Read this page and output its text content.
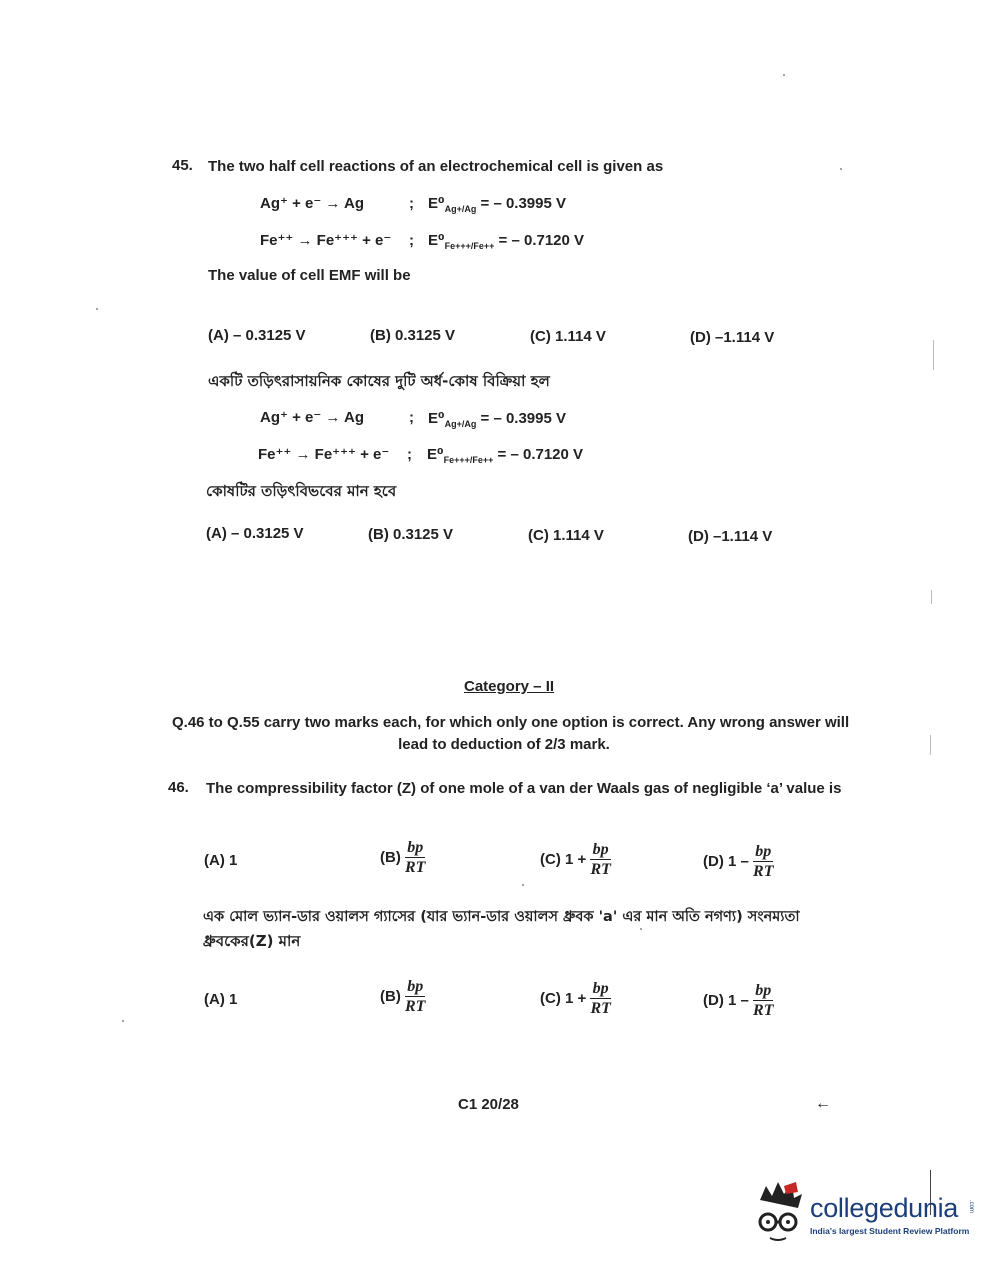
45. The two half cell reactions of an electrochemical cell is given as
Ag⁺ + e⁻ → Ag	; $E^0_{Ag+/Ag}$ = – 0.3995 V
Fe⁺⁺ → Fe⁺⁺⁺ + e⁻ ; $E^0_{Fe+++/Fe++}$ = – 0.7120 V
The value of cell EMF will be
(A) – 0.3125 V	(B) 0.3125 V	(C) 1.114 V	(D) –1.114 V
একটি তড়িৎরাসায়নিক কোষের দুটি অর্ধ-কোষ বিক্রিয়া হল
Ag⁺ + e⁻ → Ag	; $E^0_{Ag+/Ag}$ = – 0.3995 V
Fe⁺⁺ → Fe⁺⁺⁺ + e⁻ ; $E^0_{Fe+++/Fe++}$ = – 0.7120 V
কোষটির তড়িৎবিভবের মান হবে
(A) – 0.3125 V	(B) 0.3125 V	(C) 1.114 V	(D) –1.114 V
Category – II
Q.46 to Q.55 carry two marks each, for which only one option is correct. Any wrong answer will
lead to deduction of 2/3 mark.
46. The compressibility factor (Z) of one mole of a van der Waals gas of negligible ‘a’ value is
(A) 1	$(B) \frac{bp}{RT}$	(C) $1 + \frac{bp}{RT}$	(D) $1 - \frac{bp}{RT}$
এক মোল ভ্যান-ডার ওয়ালস গ্যাসের (যার ভ্যান-ডার ওয়ালস ধ্রুবক 'a' এর মান অতি নগণ্য) সংনম্যতা
ধ্রুবকের(Z) মান
(A) 1	$(B) \frac{bp}{RT}$	(C) $1 + \frac{bp}{RT}$	(D) $1 - \frac{bp}{RT}$
C1 20/28	←
collegedunia .com
India's largest Student Review Platform
